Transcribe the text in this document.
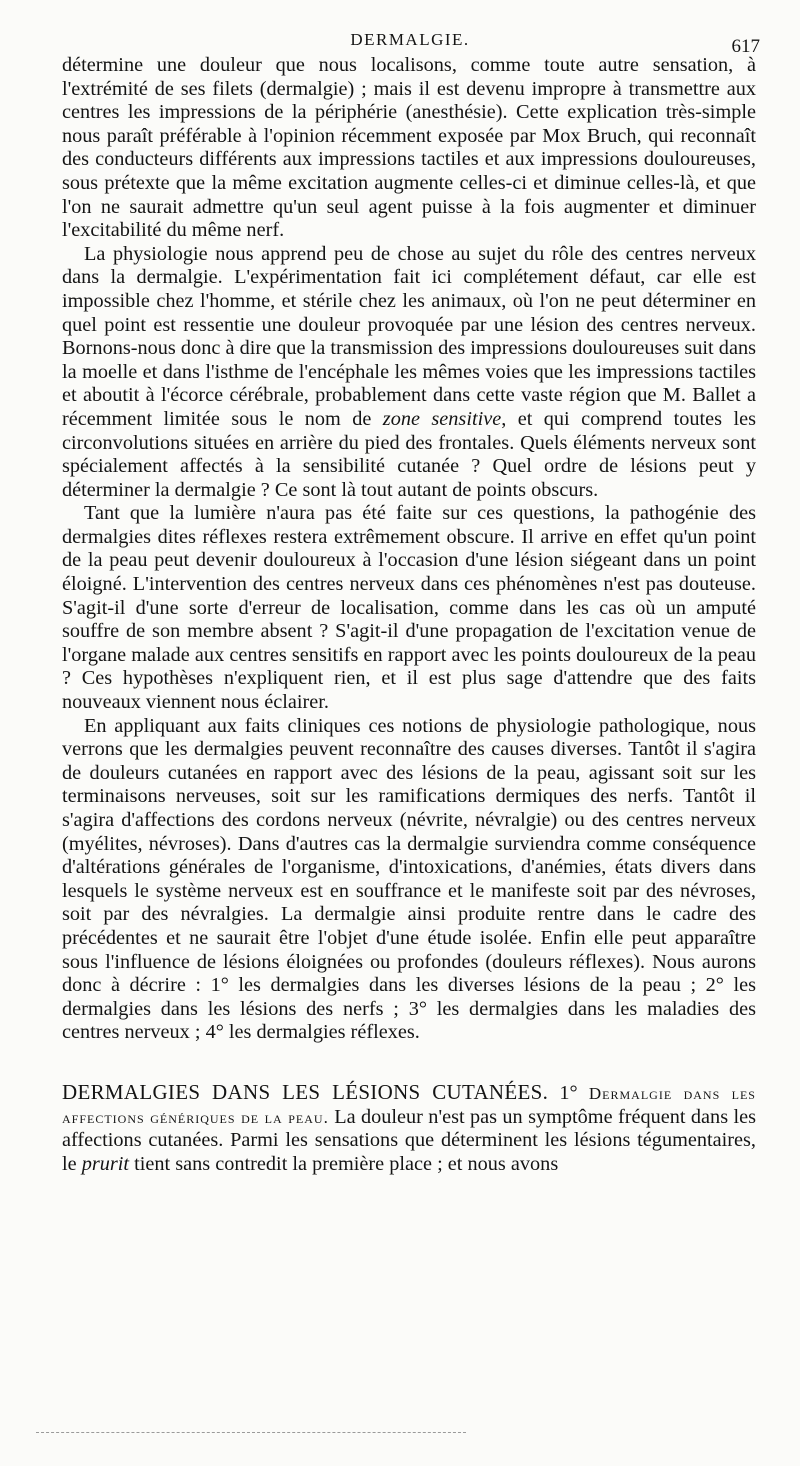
DERMALGIE.	617

détermine une douleur que nous localisons, comme toute autre sensation, à l'extrémité de ses filets (dermalgie) ; mais il est devenu impropre à transmettre aux centres les impressions de la périphérie (anesthésie). Cette explication très-simple nous paraît préférable à l'opinion récemment exposée par Mox Bruch, qui reconnaît des conducteurs différents aux impressions tactiles et aux impressions douloureuses, sous prétexte que la même excitation augmente celles-ci et diminue celles-là, et que l'on ne saurait admettre qu'un seul agent puisse à la fois augmenter et diminuer l'excitabilité du même nerf.

La physiologie nous apprend peu de chose au sujet du rôle des centres nerveux dans la dermalgie. L'expérimentation fait ici complétement défaut, car elle est impossible chez l'homme, et stérile chez les animaux, où l'on ne peut déterminer en quel point est ressentie une douleur provoquée par une lésion des centres nerveux. Bornons-nous donc à dire que la transmission des impressions douloureuses suit dans la moelle et dans l'isthme de l'encéphale les mêmes voies que les impressions tactiles et aboutit à l'écorce cérébrale, probablement dans cette vaste région que M. Ballet a récemment limitée sous le nom de zone sensitive, et qui comprend toutes les circonvolutions situées en arrière du pied des frontales. Quels éléments nerveux sont spécialement affectés à la sensibilité cutanée ? Quel ordre de lésions peut y déterminer la dermalgie ? Ce sont là tout autant de points obscurs.

Tant que la lumière n'aura pas été faite sur ces questions, la pathogénie des dermalgies dites réflexes restera extrêmement obscure. Il arrive en effet qu'un point de la peau peut devenir douloureux à l'occasion d'une lésion siégeant dans un point éloigné. L'intervention des centres nerveux dans ces phénomènes n'est pas douteuse. S'agit-il d'une sorte d'erreur de localisation, comme dans les cas où un amputé souffre de son membre absent ? S'agit-il d'une propagation de l'excitation venue de l'organe malade aux centres sensitifs en rapport avec les points douloureux de la peau ? Ces hypothèses n'expliquent rien, et il est plus sage d'attendre que des faits nouveaux viennent nous éclairer.

En appliquant aux faits cliniques ces notions de physiologie pathologique, nous verrons que les dermalgies peuvent reconnaître des causes diverses. Tantôt il s'agira de douleurs cutanées en rapport avec des lésions de la peau, agissant soit sur les terminaisons nerveuses, soit sur les ramifications dermiques des nerfs. Tantôt il s'agira d'affections des cordons nerveux (névrite, névralgie) ou des centres nerveux (myélites, névroses). Dans d'autres cas la dermalgie surviendra comme conséquence d'altérations générales de l'organisme, d'intoxications, d'anémies, états divers dans lesquels le système nerveux est en souffrance et le manifeste soit par des névroses, soit par des névralgies. La dermalgie ainsi produite rentre dans le cadre des précédentes et ne saurait être l'objet d'une étude isolée. Enfin elle peut apparaître sous l'influence de lésions éloignées ou profondes (douleurs réflexes). Nous aurons donc à décrire : 1° les dermalgies dans les diverses lésions de la peau ; 2° les dermalgies dans les lésions des nerfs ; 3° les dermalgies dans les maladies des centres nerveux ; 4° les dermalgies réflexes.

DERMALGIES DANS LES LÉSIONS CUTANÉES. 1° Dermalgie dans les affections génériques de la peau. La douleur n'est pas un symptôme fréquent dans les affections cutanées. Parmi les sensations que déterminent les lésions tégumentaires, le prurit tient sans contredit la première place ; et nous avons
